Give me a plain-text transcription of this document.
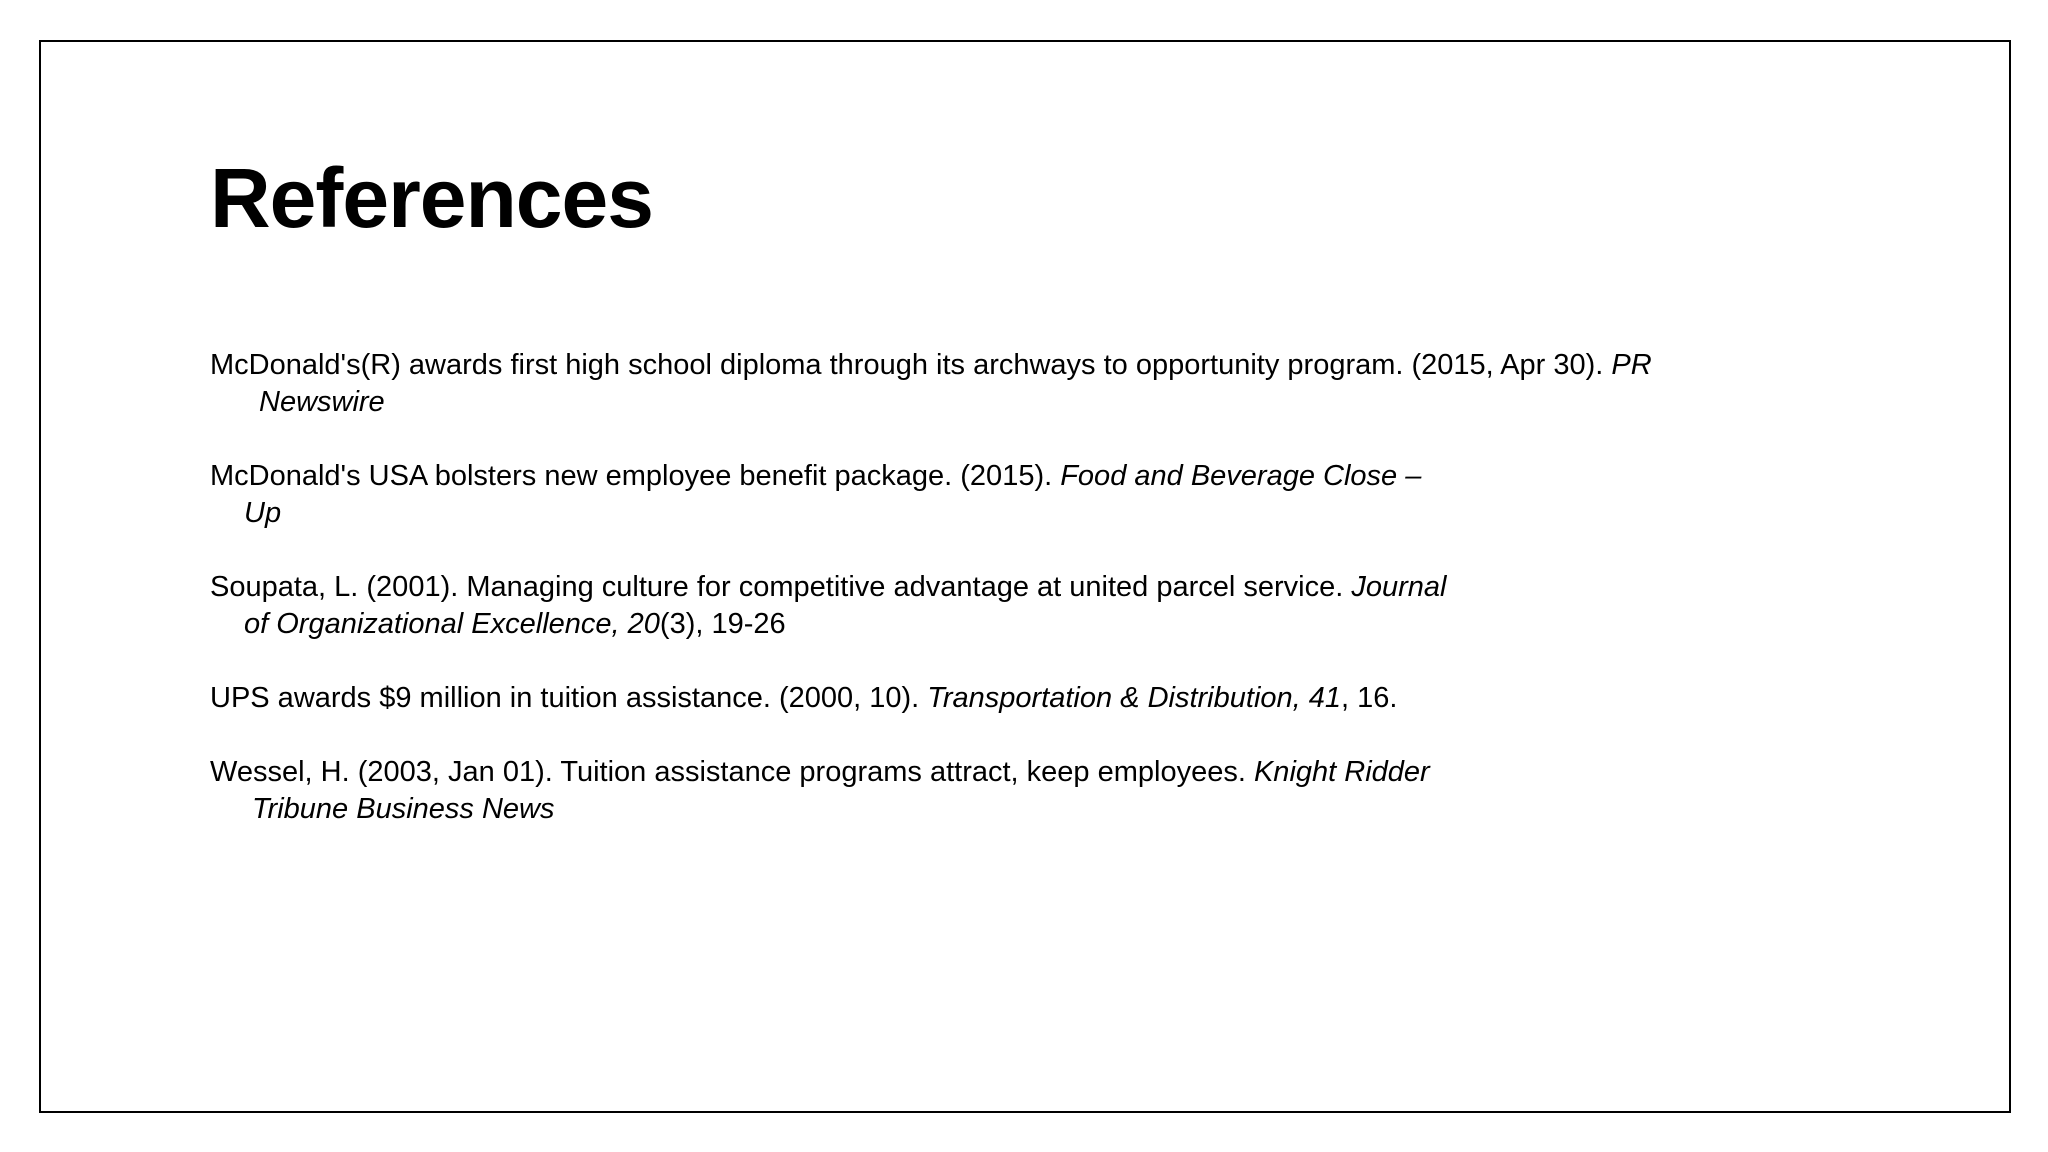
References
McDonald's(R) awards first high school diploma through its archways to opportunity program. (2015, Apr 30). PR
Newswire
McDonald's USA bolsters new employee benefit package. (2015). Food and Beverage Close –
Up
Soupata, L. (2001). Managing culture for competitive advantage at united parcel service. Journal
of Organizational Excellence, 20(3), 19-26
UPS awards $9 million in tuition assistance. (2000, 10). Transportation & Distribution, 41, 16.
Wessel, H. (2003, Jan 01). Tuition assistance programs attract, keep employees. Knight Ridder
Tribune Business News
